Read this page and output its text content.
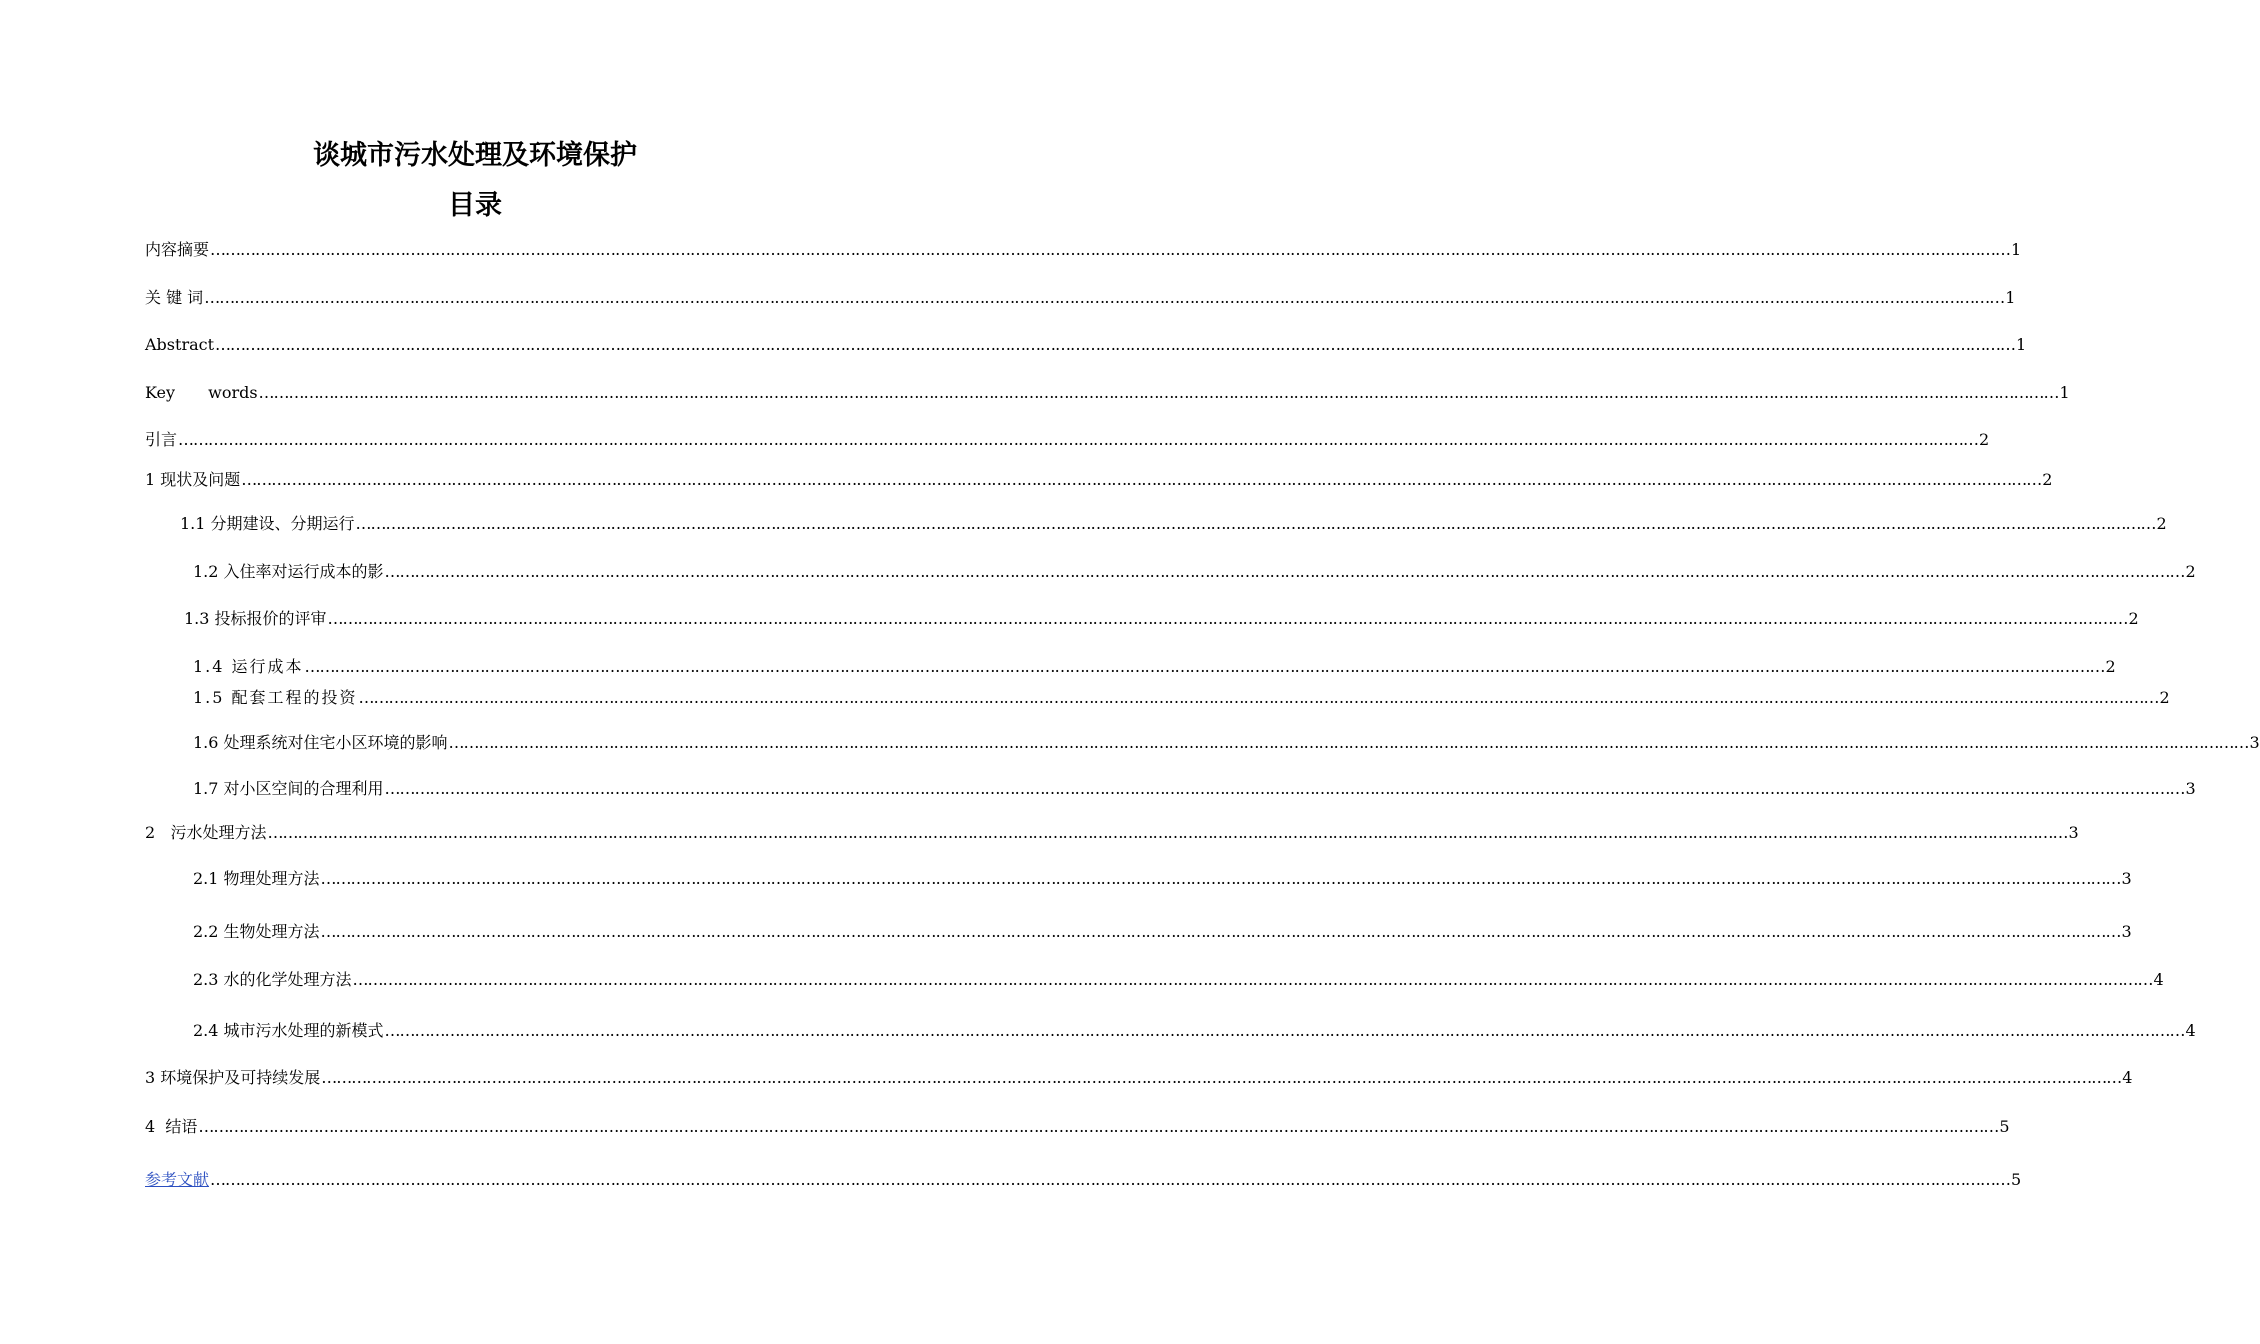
谈城市污水处理及环境保护
目录
内容摘要 ……………………………………………………………………………………………………………………………………………………………………………………………………………………………………………………………………………………………………………………………… 1
关 键 词 ……………………………………………………………………………………………………………………………………………………………………………………………………………………………………………………………………………………………………………………………… 1
Abstract ……………………………………………………………………………………………………………………………………………………………………………………………………………………………………………………………………………………………………………………………… 1
Key words ……………………………………………………………………………………………………………………………………………………………………………………………………………………………………………………………………………………………………………………………… 1
引言 ……………………………………………………………………………………………………………………………………………………………………………………………………………………………………………………………………………………………………………………………… 2
1 现状及问题 ……………………………………………………………………………………………………………………………………………………………………………………………………………………………………………………………………………………………………………………………… 2
1.1 分期建设、分期运行 ……………………………………………………………………………………………………………………………………………………………………………………………………………………………………………………………………………………………………………………………… 2
1.2 入住率对运行成本的影 ……………………………………………………………………………………………………………………………………………………………………………………………………………………………………………………………………………………………………………………………… 2
1.3 投标报价的评审 ……………………………………………………………………………………………………………………………………………………………………………………………………………………………………………………………………………………………………………………………… 2
1.4 运行成本 ……………………………………………………………………………………………………………………………………………………………………………………………………………………………………………………………………………………………………………………………… 2
1.5 配套工程的投资 ……………………………………………………………………………………………………………………………………………………………………………………………………………………………………………………………………………………………………………………………… 2
1.6 处理系统对住宅小区环境的影响 ……………………………………………………………………………………………………………………………………………………………………………………………………………………………………………………………………………………………………………………………… 3
1.7 对小区空间的合理利用 ……………………………………………………………………………………………………………………………………………………………………………………………………………………………………………………………………………………………………………………………… 3
2   污水处理方法 ……………………………………………………………………………………………………………………………………………………………………………………………………………………………………………………………………………………………………………………………… 3
2.1 物理处理方法 ……………………………………………………………………………………………………………………………………………………………………………………………………………………………………………………………………………………………………………………………… 3
2.2 生物处理方法 ……………………………………………………………………………………………………………………………………………………………………………………………………………………………………………………………………………………………………………………………… 3
2.3 水的化学处理方法 ……………………………………………………………………………………………………………………………………………………………………………………………………………………………………………………………………………………………………………………………… 4
2.4 城市污水处理的新模式 ……………………………………………………………………………………………………………………………………………………………………………………………………………………………………………………………………………………………………………………………… 4
3 环境保护及可持续发展 ……………………………………………………………………………………………………………………………………………………………………………………………………………………………………………………………………………………………………………………………… 4
4  结语 ……………………………………………………………………………………………………………………………………………………………………………………………………………………………………………………………………………………………………………………………… 5
参考文献 ……………………………………………………………………………………………………………………………………………………………………………………………………………………………………………………………………………………………………………………………… 5
